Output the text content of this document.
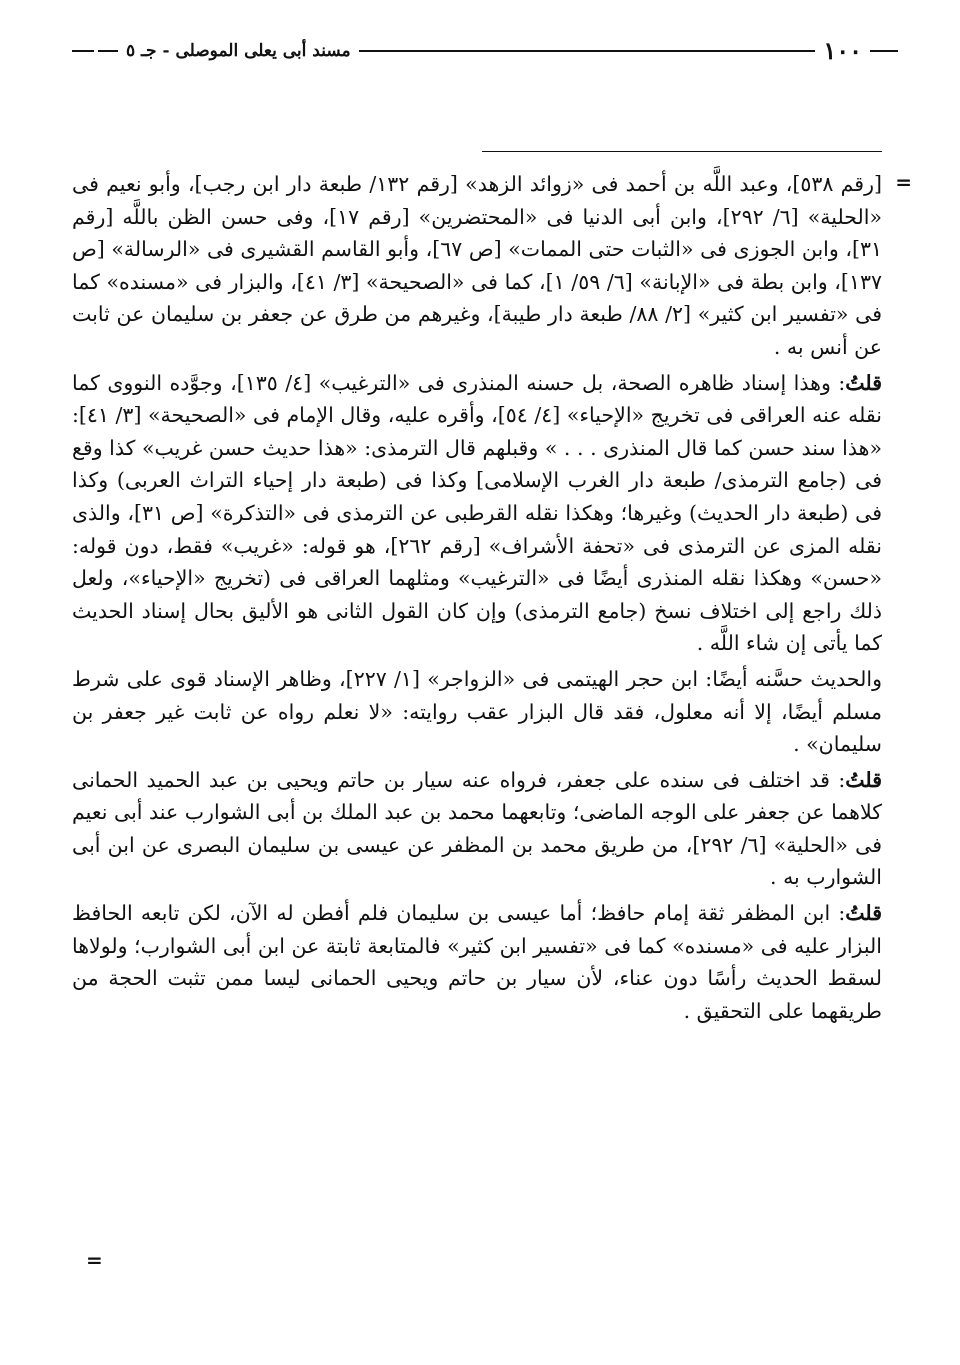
١٠٠
مسند أبى يعلى الموصلى - جـ ٥
=

[رقم ٥٣٨]، وعبد اللَّه بن أحمد فى «زوائد الزهد» [رقم ١٣٢/ طبعة دار ابن رجب]، وأبو نعيم فى «الحلية» [٦/ ٢٩٢]، وابن أبى الدنيا فى «المحتضرين» [رقم ١٧]، وفى حسن الظن باللَّه [رقم ٣١]، وابن الجوزى فى «الثبات حتى الممات» [ص ٦٧]، وأبو القاسم القشيرى فى «الرسالة» [ص ١٣٧]، وابن بطة فى «الإبانة» [٦/ ٥٩/ ١]، كما فى «الصحيحة» [٣/ ٤١]، والبزار فى «مسنده» كما فى «تفسير ابن كثير» [٢/ ٨٨/ طبعة دار طيبة]، وغيرهم من طرق عن جعفر بن سليمان عن ثابت عن أنس به .

قلتُ: وهذا إسناد ظاهره الصحة، بل حسنه المنذرى فى «الترغيب» [٤/ ١٣٥]، وجوَّده النووى كما نقله عنه العراقى فى تخريج «الإحياء» [٤/ ٥٤]، وأقره عليه، وقال الإمام فى «الصحيحة» [٣/ ٤١]: «هذا سند حسن كما قال المنذرى . . . » وقبلهم قال الترمذى: «هذا حديث حسن غريب» كذا وقع فى (جامع الترمذى/ طبعة دار الغرب الإسلامى] وكذا فى (طبعة دار إحياء التراث العربى) وكذا فى (طبعة دار الحديث) وغيرها؛ وهكذا نقله القرطبى عن الترمذى فى «التذكرة» [ص ٣١]، والذى نقله المزى عن الترمذى فى «تحفة الأشراف» [رقم ٢٦٢]، هو قوله: «غريب» فقط، دون قوله: «حسن» وهكذا نقله المنذرى أيضًا فى «الترغيب» ومثلهما العراقى فى (تخريج «الإحياء»، ولعل ذلك راجع إلى اختلاف نسخ (جامع الترمذى) وإن كان القول الثانى هو الأليق بحال إسناد الحديث كما يأتى إن شاء اللَّه .

والحديث حسَّنه أيضًا: ابن حجر الهيتمى فى «الزواجر» [١/ ٢٢٧]، وظاهر الإسناد قوى على شرط مسلم أيضًا، إلا أنه معلول، فقد قال البزار عقب روايته: «لا نعلم رواه عن ثابت غير جعفر بن سليمان» .

قلتُ: قد اختلف فى سنده على جعفر، فرواه عنه سيار بن حاتم ويحيى بن عبد الحميد الحمانى كلاهما عن جعفر على الوجه الماضى؛ وتابعهما محمد بن عبد الملك بن أبى الشوارب عند أبى نعيم فى «الحلية» [٦/ ٢٩٢]، من طريق محمد بن المظفر عن عيسى بن سليمان البصرى عن ابن أبى الشوارب به .

قلتُ: ابن المظفر ثقة إمام حافظ؛ أما عيسى بن سليمان فلم أفطن له الآن، لكن تابعه الحافظ البزار عليه فى «مسنده» كما فى «تفسير ابن كثير» فالمتابعة ثابتة عن ابن أبى الشوارب؛ ولولاها لسقط الحديث رأسًا دون عناء، لأن سيار بن حاتم ويحيى الحمانى ليسا ممن تثبت الحجة من طريقهما على التحقيق .

=
